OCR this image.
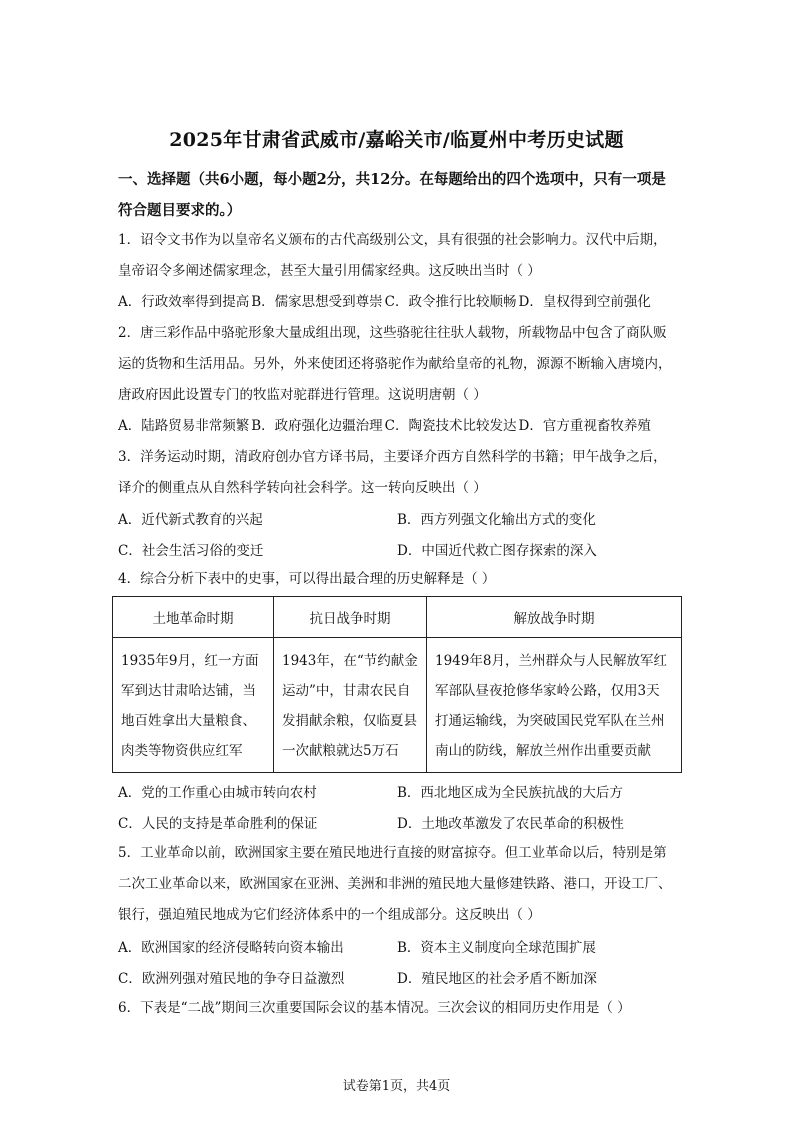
2025年甘肃省武威市/嘉峪关市/临夏州中考历史试题
一、选择题（共6小题，每小题2分，共12分。在每题给出的四个选项中，只有一项是符合题目要求的。）

1．诏令文书作为以皇帝名义颁布的古代高级别公文，具有很强的社会影响力。汉代中后期，皇帝诏令多阐述儒家理念，甚至大量引用儒家经典。这反映出当时（ ）

A．行政效率得到提高 B．儒家思想受到尊崇 C．政令推行比较顺畅 D．皇权得到空前强化

2．唐三彩作品中骆驼形象大量成组出现，这些骆驼往往驮人载物，所载物品中包含了商队贩运的货物和生活用品。另外，外来使团还将骆驼作为献给皇帝的礼物，源源不断输入唐境内，唐政府因此设置专门的牧监对驼群进行管理。这说明唐朝（ ）

A．陆路贸易非常频繁 B．政府强化边疆治理 C．陶瓷技术比较发达 D．官方重视畜牧养殖

3．洋务运动时期，清政府创办官方译书局，主要译介西方自然科学的书籍；甲午战争之后，译介的侧重点从自然科学转向社会科学。这一转向反映出（ ）

A．近代新式教育的兴起	B．西方列强文化输出方式的变化
C．社会生活习俗的变迁	D．中国近代救亡图存探索的深入

4．综合分析下表中的史事，可以得出最合理的历史解释是（ ）

土地革命时期	抗日战争时期	解放战争时期
1935年9月，红一方面军到达甘肃哈达铺，当地百姓拿出大量粮食、肉类等物资供应红军	1943年，在“节约献金运动”中，甘肃农民自发捐献余粮，仅临夏县一次献粮就达5万石	1949年8月，兰州群众与人民解放军红军部队昼夜抢修华家岭公路，仅用3天打通运输线，为突破国民党军队在兰州南山的防线，解放兰州作出重要贡献
A．党的工作重心由城市转向农村	B．西北地区成为全民族抗战的大后方
C．人民的支持是革命胜利的保证	D．土地改革激发了农民革命的积极性

5．工业革命以前，欧洲国家主要在殖民地进行直接的财富掠夺。但工业革命以后，特别是第二次工业革命以来，欧洲国家在亚洲、美洲和非洲的殖民地大量修建铁路、港口，开设工厂、银行，强迫殖民地成为它们经济体系中的一个组成部分。这反映出（ ）

A．欧洲国家的经济侵略转向资本输出	B．资本主义制度向全球范围扩展
C．欧洲列强对殖民地的争夺日益激烈	D．殖民地区的社会矛盾不断加深

6．下表是“二战”期间三次重要国际会议的基本情况。三次会议的相同历史作用是（ ）

试卷第1页，共4页
